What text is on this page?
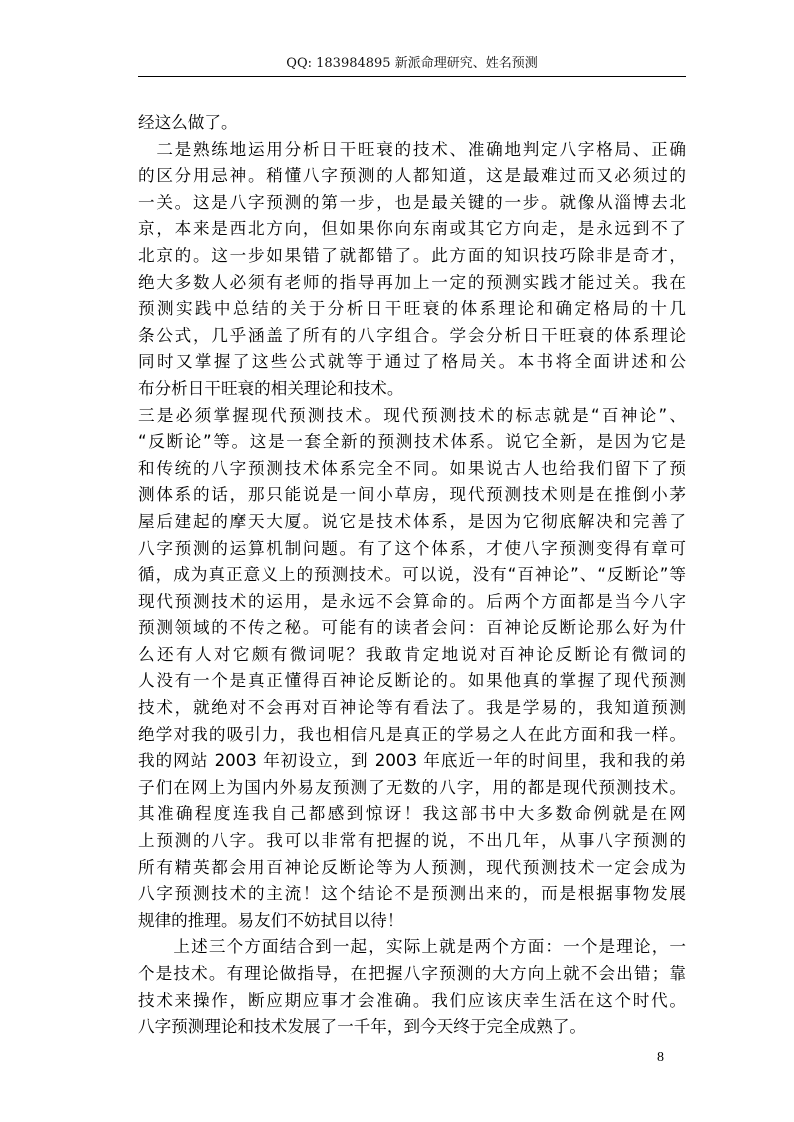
QQ: 183984895 新派命理研究、姓名预测
经这么做了。
　二是熟练地运用分析日干旺衰的技术、准确地判定八字格局、正确
的区分用忌神。稍懂八字预测的人都知道，这是最难过而又必须过的
一关。这是八字预测的第一步，也是最关键的一步。就像从淄博去北
京，本来是西北方向，但如果你向东南或其它方向走，是永远到不了
北京的。这一步如果错了就都错了。此方面的知识技巧除非是奇才，
绝大多数人必须有老师的指导再加上一定的预测实践才能过关。我在
预测实践中总结的关于分析日干旺衰的体系理论和确定格局的十几
条公式，几乎涵盖了所有的八字组合。学会分析日干旺衰的体系理论
同时又掌握了这些公式就等于通过了格局关。本书将全面讲述和公
布分析日干旺衰的相关理论和技术。
三是必须掌握现代预测技术。现代预测技术的标志就是“百神论”、
“反断论”等。这是一套全新的预测技术体系。说它全新，是因为它是
和传统的八字预测技术体系完全不同。如果说古人也给我们留下了预
测体系的话，那只能说是一间小草房，现代预测技术则是在推倒小茅
屋后建起的摩天大厦。说它是技术体系，是因为它彻底解决和完善了
八字预测的运算机制问题。有了这个体系，才使八字预测变得有章可
循，成为真正意义上的预测技术。可以说，没有“百神论”、“反断论”等
现代预测技术的运用，是永远不会算命的。后两个方面都是当今八字
预测领域的不传之秘。可能有的读者会问：百神论反断论那么好为什
么还有人对它颇有微词呢？我敢肯定地说对百神论反断论有微词的
人没有一个是真正懂得百神论反断论的。如果他真的掌握了现代预测
技术，就绝对不会再对百神论等有看法了。我是学易的，我知道预测
绝学对我的吸引力，我也相信凡是真正的学易之人在此方面和我一样。
我的网站 2003 年初设立，到 2003 年底近一年的时间里，我和我的弟
子们在网上为国内外易友预测了无数的八字，用的都是现代预测技术。
其准确程度连我自己都感到惊讶！我这部书中大多数命例就是在网
上预测的八字。我可以非常有把握的说，不出几年，从事八字预测的
所有精英都会用百神论反断论等为人预测，现代预测技术一定会成为
八字预测技术的主流！这个结论不是预测出来的，而是根据事物发展
规律的推理。易友们不妨拭目以待！
　　上述三个方面结合到一起，实际上就是两个方面：一个是理论，一
个是技术。有理论做指导，在把握八字预测的大方向上就不会出错；靠
技术来操作，断应期应事才会准确。我们应该庆幸生活在这个时代。
八字预测理论和技术发展了一千年，到今天终于完全成熟了。
8
